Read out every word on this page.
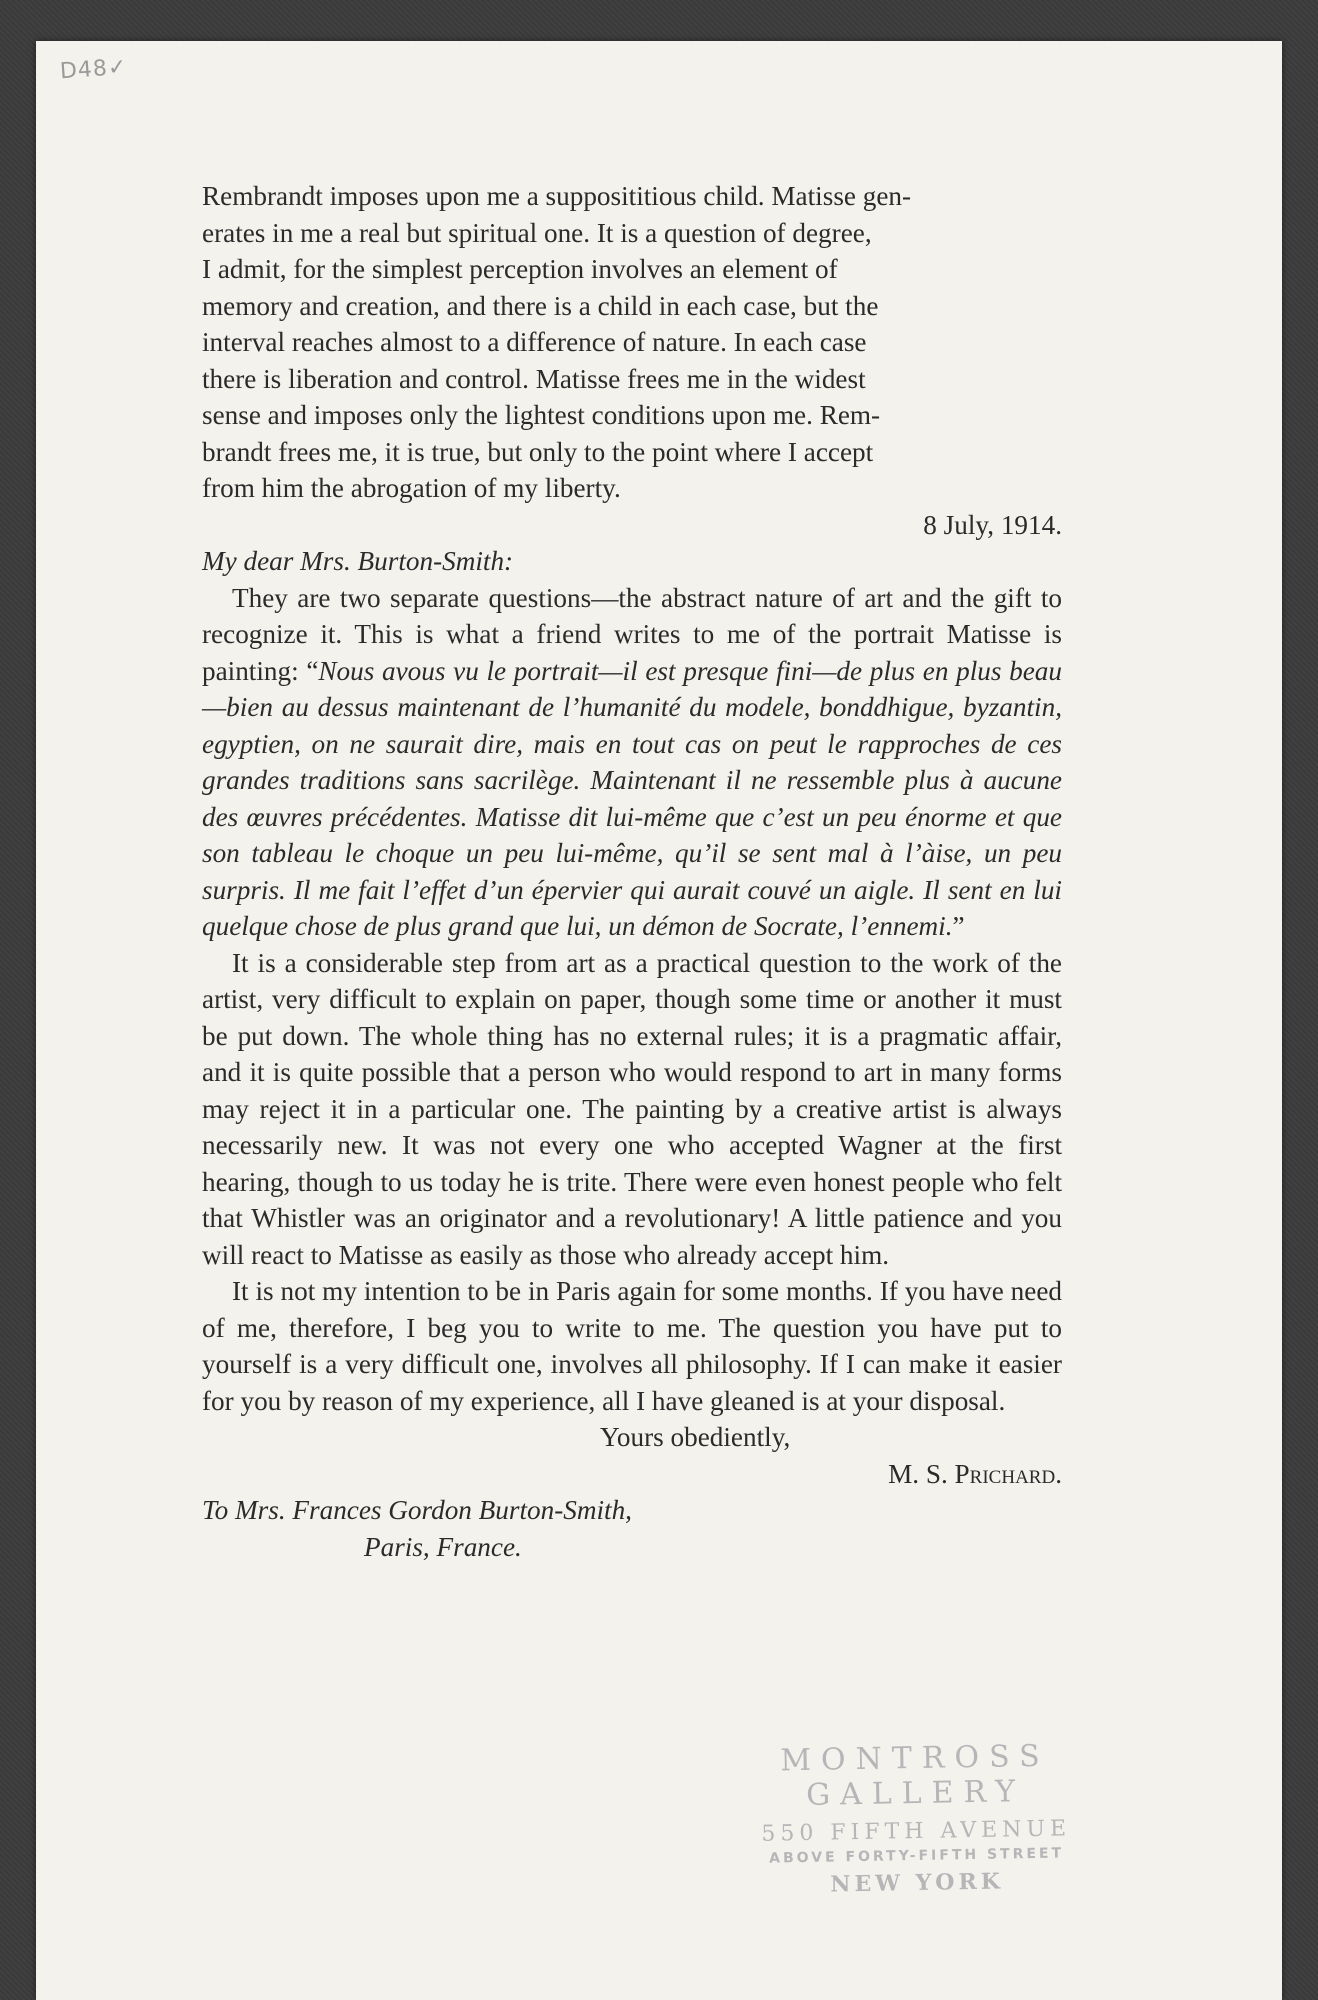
D48✓
MONTROSS GALLERY
550 FIFTH AVENUE
ABOVE FORTY-FIFTH STREET
NEW YORK

Rembrandt imposes upon me a supposititious child. Matisse gen-

erates in me a real but spiritual one. It is a question of degree,

I admit, for the simplest perception involves an element of

memory and creation, and there is a child in each case, but the

interval reaches almost to a difference of nature. In each case

there is liberation and control. Matisse frees me in the widest

sense and imposes only the lightest conditions upon me. Rem-

brandt frees me, it is true, but only to the point where I accept

from him the abrogation of my liberty.

8 July, 1914.

My dear Mrs. Burton-Smith:

They are two separate questions—the abstract nature of art and the gift to recognize it. This is what a friend writes to me of the portrait Matisse is painting: “Nous avous vu le portrait—il est presque fini—de plus en plus beau—bien au dessus maintenant de l’humanité du modele, bonddhigue, byzantin, egyptien, on ne saurait dire, mais en tout cas on peut le rapproches de ces grandes traditions sans sacrilège. Maintenant il ne ressemble plus à aucune des œuvres précédentes. Matisse dit lui-même que c’est un peu énorme et que son tableau le choque un peu lui-même, qu’il se sent mal à l’àise, un peu surpris. Il me fait l’effet d’un épervier qui aurait couvé un aigle. Il sent en lui quelque chose de plus grand que lui, un démon de Socrate, l’ennemi.”

It is a considerable step from art as a practical question to the work of the artist, very difficult to explain on paper, though some time or another it must be put down. The whole thing has no external rules; it is a pragmatic affair, and it is quite possible that a person who would respond to art in many forms may reject it in a particular one. The painting by a creative artist is always necessarily new. It was not every one who accepted Wagner at the first hearing, though to us today he is trite. There were even honest people who felt that Whistler was an originator and a revolutionary! A little patience and you will react to Matisse as easily as those who already accept him.

It is not my intention to be in Paris again for some months. If you have need of me, therefore, I beg you to write to me. The question you have put to yourself is a very difficult one, involves all philosophy. If I can make it easier for you by reason of my experience, all I have gleaned is at your disposal.

Yours obediently,

M. S. Prichard.

To Mrs. Frances Gordon Burton-Smith,

Paris, France.
